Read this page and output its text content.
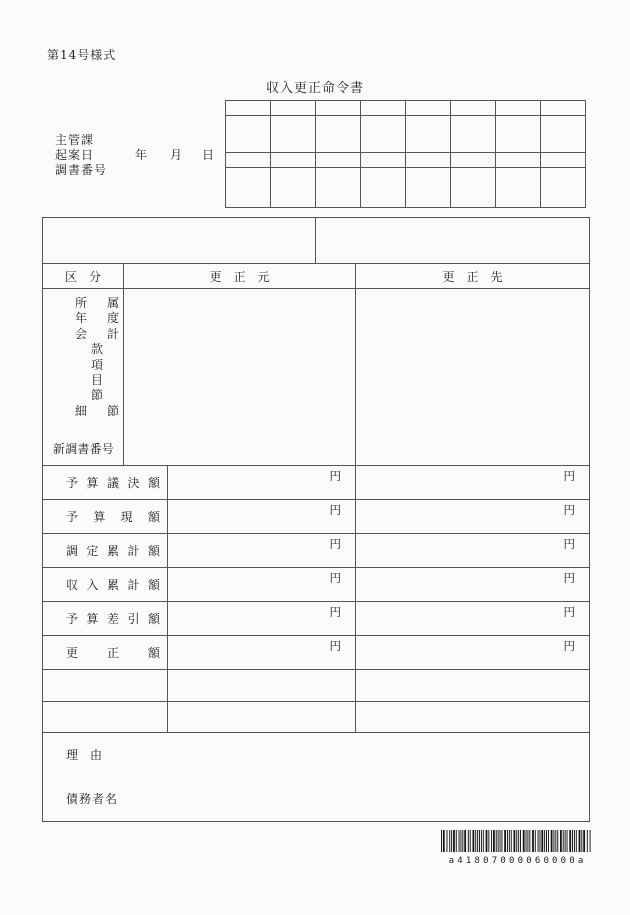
第14号様式
収入更正命令書
主管課
起案日	年 月 日
調書番号
区　分	更　正　元	更　正　先
所 属
年 度
会 計
款
項
目
節
細 節
新調書番号
予 算 議 決 額	円	円
予 算 現 額	円	円
調 定 累 計 額	円	円
収 入 累 計 額	円	円
予 算 差 引 額	円	円
更 正 額	円	円
理　由
債務者名
a41807000060000a
